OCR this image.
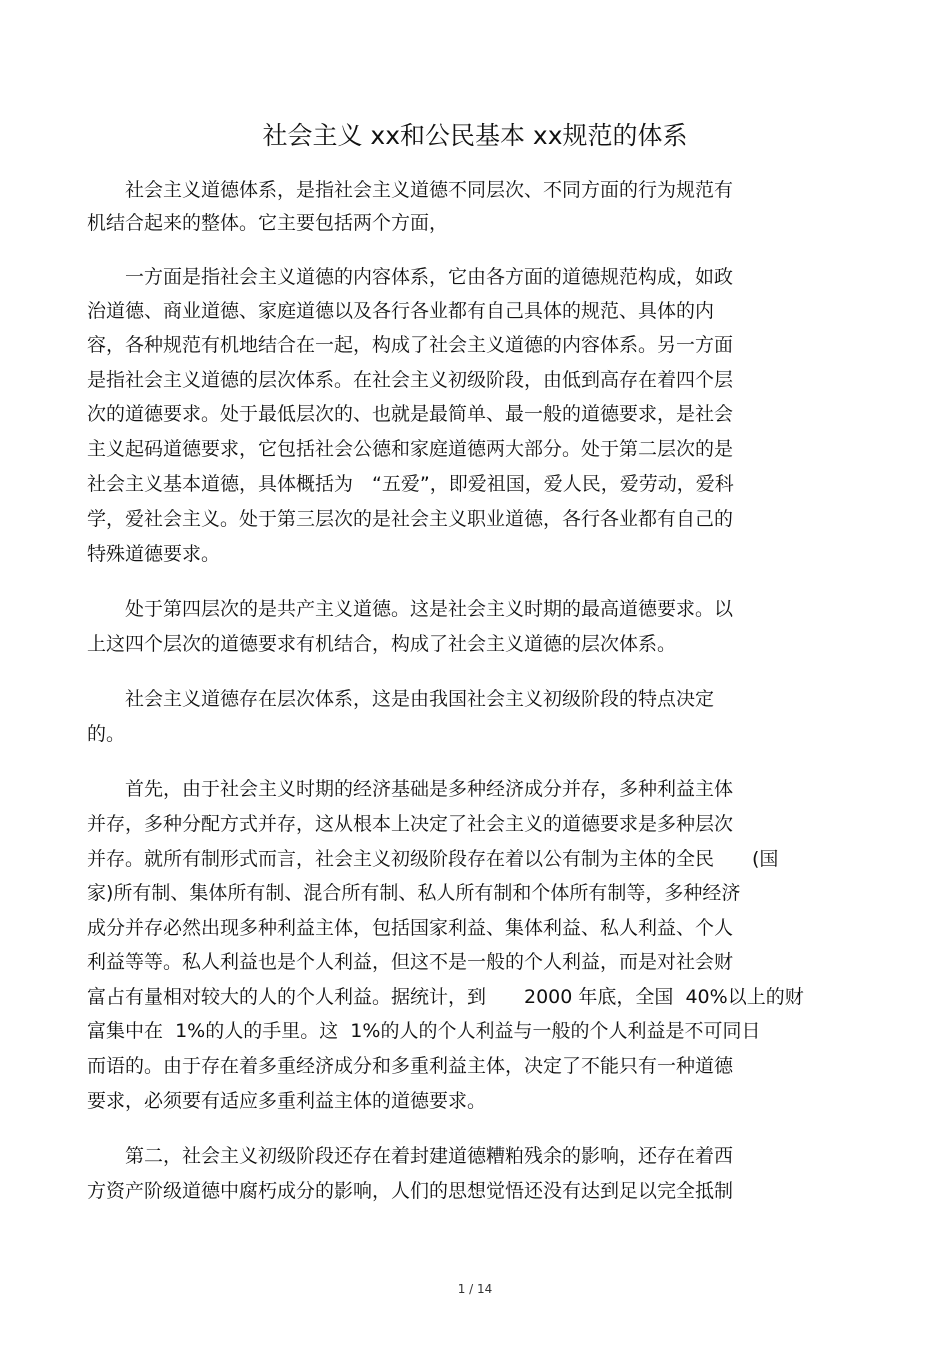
社会主义 xx和公民基本 xx规范的体系
　　社会主义道德体系，是指社会主义道德不同层次、不同方面的行为规范有
机结合起来的整体。它主要包括两个方面，
　　一方面是指社会主义道德的内容体系，它由各方面的道德规范构成，如政
治道德、商业道德、家庭道德以及各行各业都有自己具体的规范、具体的内
容，各种规范有机地结合在一起，构成了社会主义道德的内容体系。另一方面
是指社会主义道德的层次体系。在社会主义初级阶段，由低到高存在着四个层
次的道德要求。处于最低层次的、也就是最简单、最一般的道德要求，是社会
主义起码道德要求，它包括社会公德和家庭道德两大部分。处于第二层次的是
社会主义基本道德，具体概括为　“五爱”，即爱祖国，爱人民，爱劳动，爱科
学，爱社会主义。处于第三层次的是社会主义职业道德，各行各业都有自己的
特殊道德要求。
　　处于第四层次的是共产主义道德。这是社会主义时期的最高道德要求。以
上这四个层次的道德要求有机结合，构成了社会主义道德的层次体系。
　　社会主义道德存在层次体系，这是由我国社会主义初级阶段的特点决定
的。
　　首先，由于社会主义时期的经济基础是多种经济成分并存，多种利益主体
并存，多种分配方式并存，这从根本上决定了社会主义的道德要求是多种层次
并存。就所有制形式而言，社会主义初级阶段存在着以公有制为主体的全民　　(国
家)所有制、集体所有制、混合所有制、私人所有制和个体所有制等，多种经济
成分并存必然出现多种利益主体，包括国家利益、集体利益、私人利益、个人
利益等等。私人利益也是个人利益，但这不是一般的个人利益，而是对社会财
富占有量相对较大的人的个人利益。据统计，到　　2000 年底，全国  40%以上的财
富集中在  1%的人的手里。这  1%的人的个人利益与一般的个人利益是不可同日
而语的。由于存在着多重经济成分和多重利益主体，决定了不能只有一种道德
要求，必须要有适应多重利益主体的道德要求。
　　第二，社会主义初级阶段还存在着封建道德糟粕残余的影响，还存在着西
方资产阶级道德中腐朽成分的影响，人们的思想觉悟还没有达到足以完全抵制
1 / 14
